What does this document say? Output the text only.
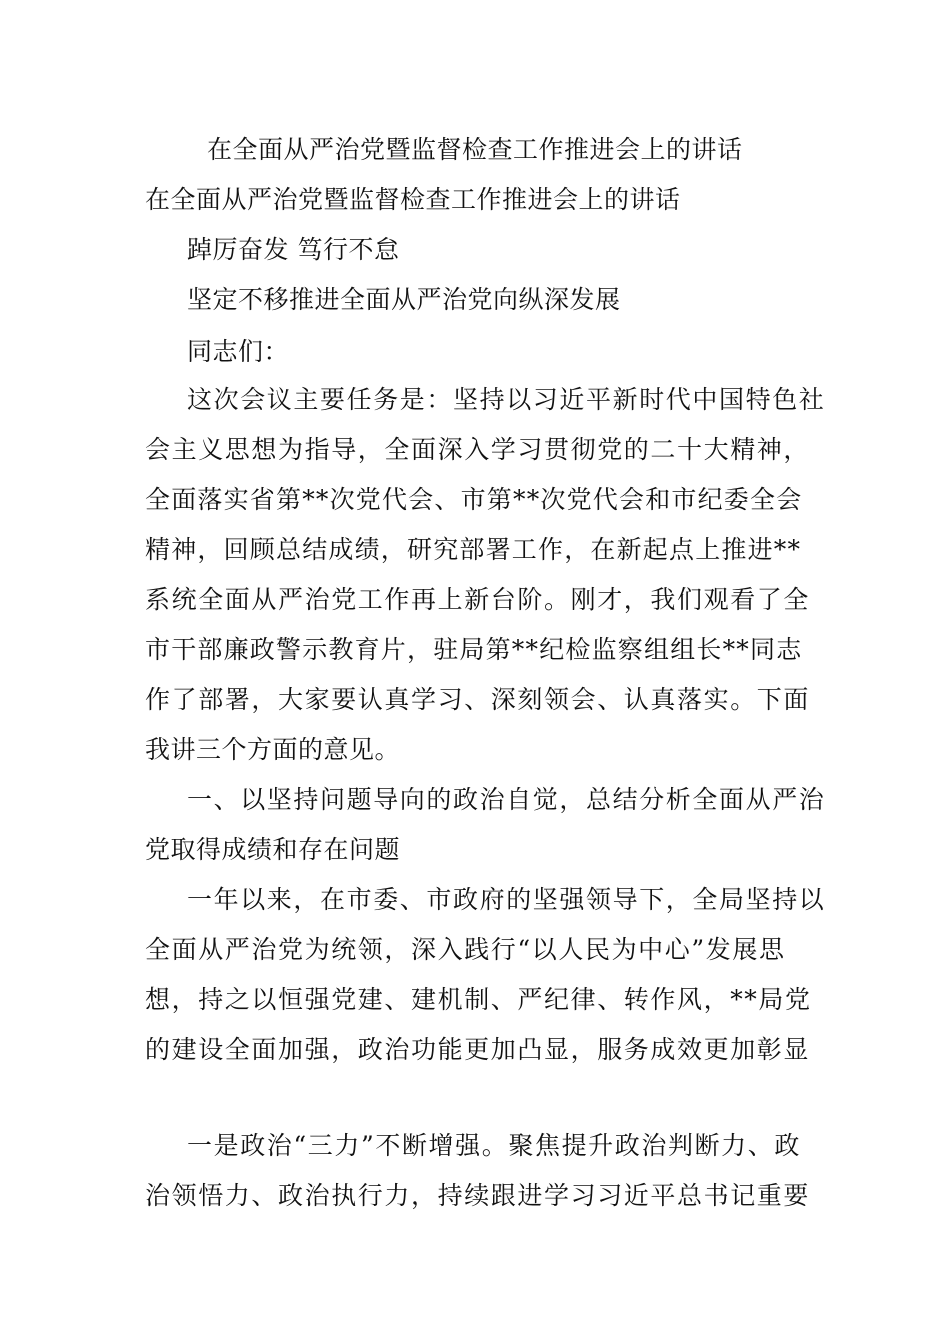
在全面从严治党暨监督检查工作推进会上的讲话
在全面从严治党暨监督检查工作推进会上的讲话
踔厉奋发 笃行不怠
坚定不移推进全面从严治党向纵深发展
同志们：
这次会议主要任务是：坚持以习近平新时代中国特色社
会主义思想为指导，全面深入学习贯彻党的二十大精神，
全面落实省第**次党代会、市第**次党代会和市纪委全会
精神，回顾总结成绩，研究部署工作，在新起点上推进**
系统全面从严治党工作再上新台阶。刚才，我们观看了全
市干部廉政警示教育片，驻局第**纪检监察组组长**同志
作了部署，大家要认真学习、深刻领会、认真落实。下面
我讲三个方面的意见。
一、以坚持问题导向的政治自觉，总结分析全面从严治
党取得成绩和存在问题
一年以来，在市委、市政府的坚强领导下，全局坚持以
全面从严治党为统领，深入践行“以人民为中心”发展思
想，持之以恒强党建、建机制、严纪律、转作风，**局党
的建设全面加强，政治功能更加凸显，服务成效更加彰显
一是政治“三力”不断增强。聚焦提升政治判断力、政
治领悟力、政治执行力，持续跟进学习习近平总书记重要
